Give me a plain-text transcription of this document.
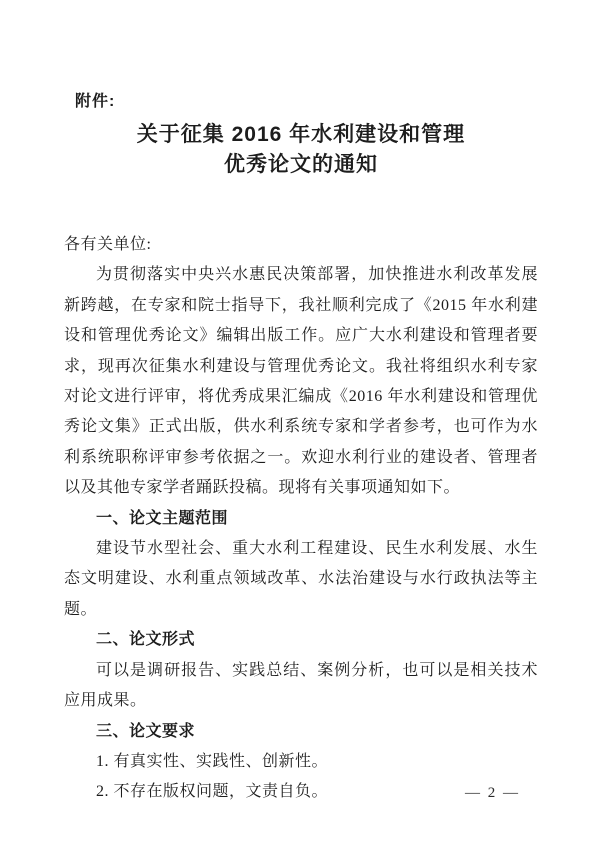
附件:
关于征集 2016 年水利建设和管理
优秀论文的通知

各有关单位:

为贯彻落实中央兴水惠民决策部署，加快推进水利改革发展新跨越，在专家和院士指导下，我社顺利完成了《2015 年水利建设和管理优秀论文》编辑出版工作。应广大水利建设和管理者要求，现再次征集水利建设与管理优秀论文。我社将组织水利专家对论文进行评审，将优秀成果汇编成《2016 年水利建设和管理优秀论文集》正式出版，供水利系统专家和学者参考，也可作为水利系统职称评审参考依据之一。欢迎水利行业的建设者、管理者以及其他专家学者踊跃投稿。现将有关事项通知如下。

一、论文主题范围

建设节水型社会、重大水利工程建设、民生水利发展、水生态文明建设、水利重点领域改革、水法治建设与水行政执法等主题。

二、论文形式

可以是调研报告、实践总结、案例分析，也可以是相关技术应用成果。

三、论文要求

1. 有真实性、实践性、创新性。

2. 不存在版权问题，文责自负。	— 2 —
